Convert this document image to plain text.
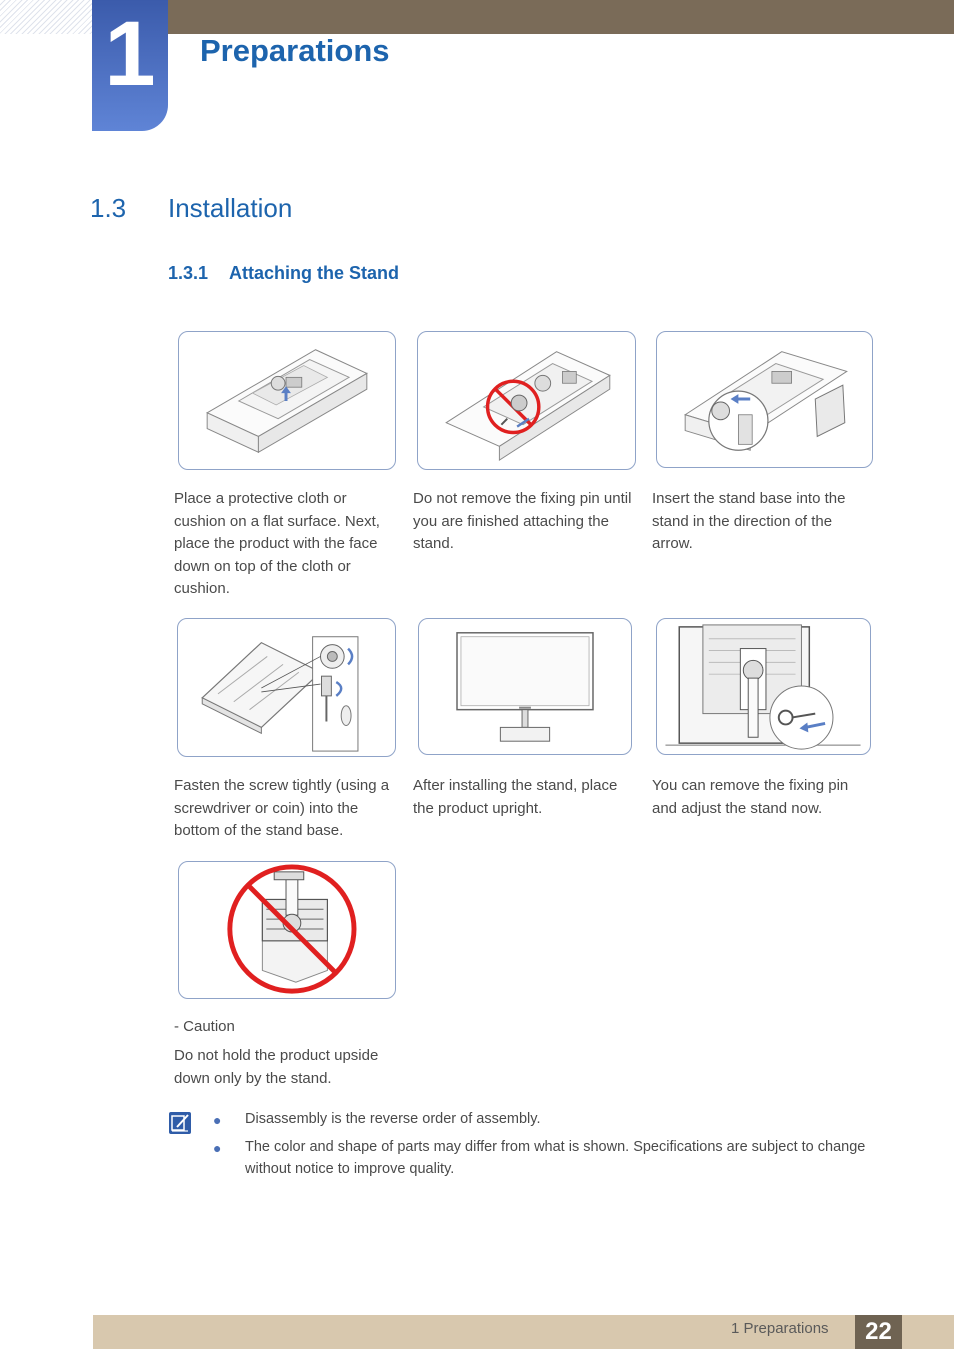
1	Preparations
1.3 Installation
1.3.1 Attaching the Stand
Place a protective cloth or cushion on a flat surface. Next, place the product with the face down on top of the cloth or cushion.
Do not remove the fixing pin until you are finished attaching the stand.
Insert the stand base into the stand in the direction of the arrow.
Fasten the screw tightly (using a screwdriver or coin) into the bottom of the stand base.
After installing the stand, place the product upright.
You can remove the fixing pin and adjust the stand now.
- Caution
Do not hold the product upside down only by the stand.
● Disassembly is the reverse order of assembly.
● The color and shape of parts may differ from what is shown. Specifications are subject to change without notice to improve quality.
1 Preparations	22
